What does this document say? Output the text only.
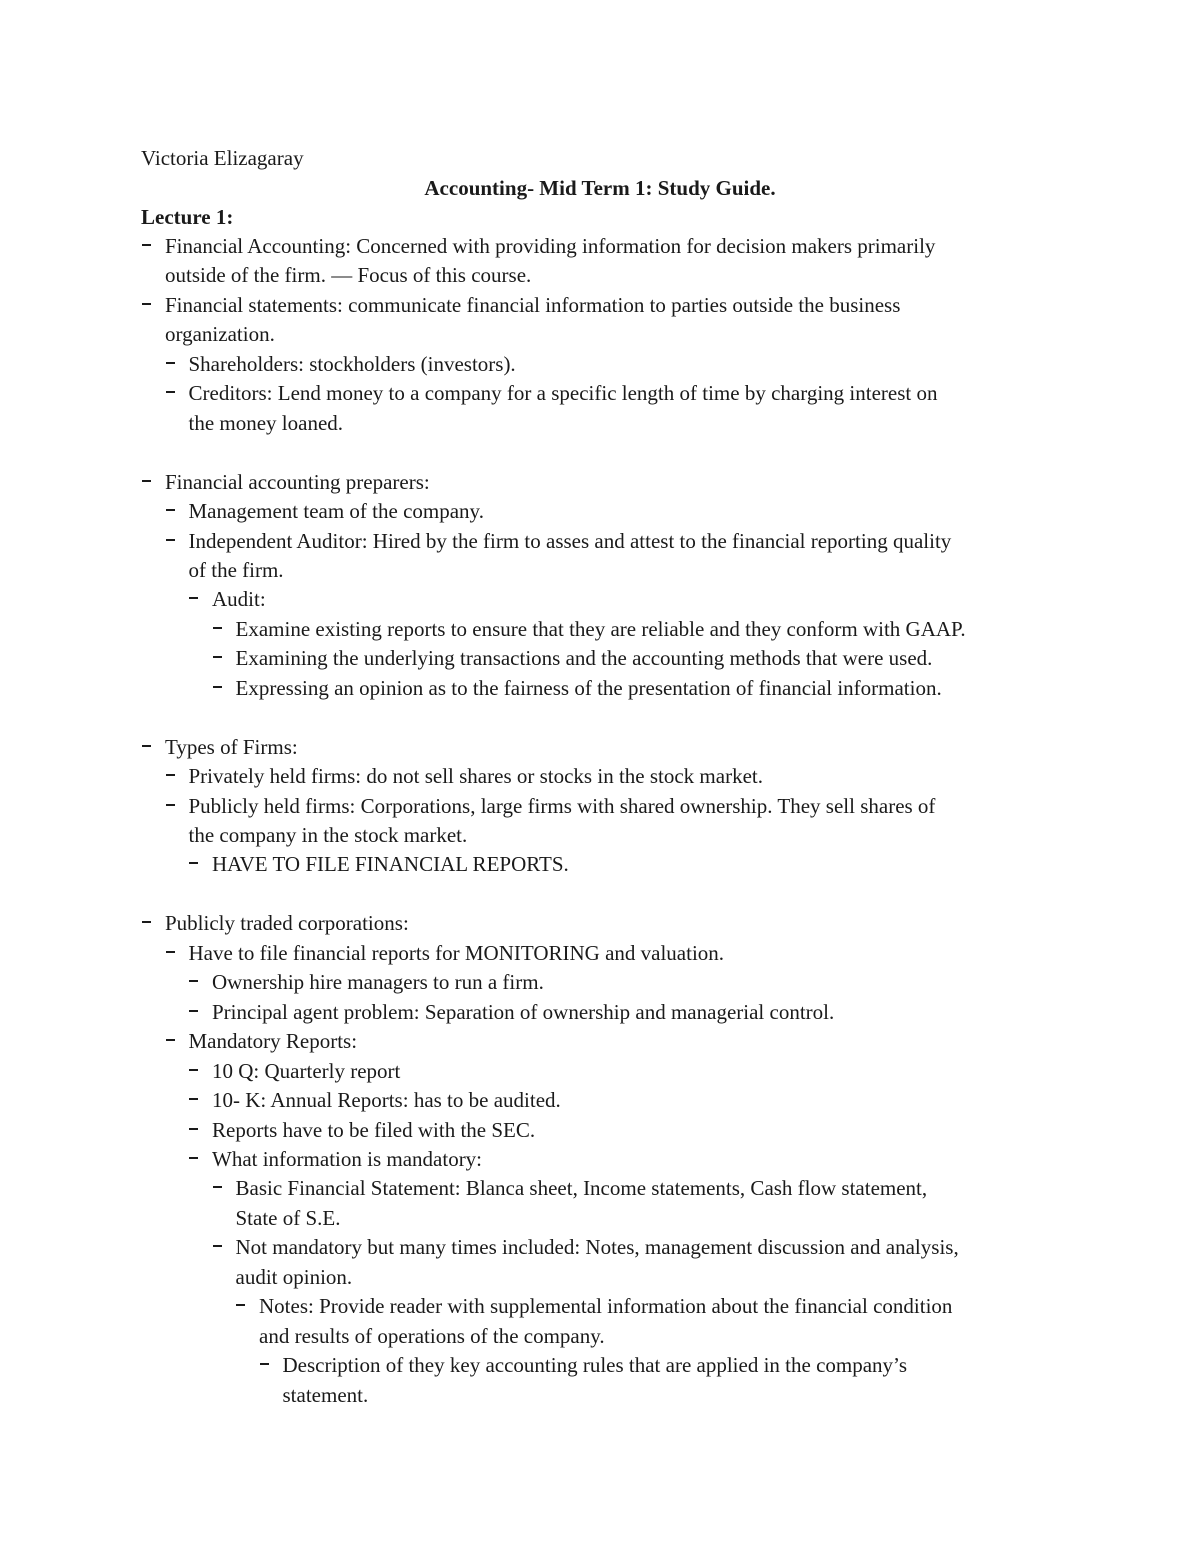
Victoria Elizagaray
Accounting- Mid Term 1: Study Guide.
Lecture 1:
Financial Accounting: Concerned with providing information for decision makers primarily
outside of the firm. — Focus of this course.
Financial statements: communicate financial information to parties outside the business
organization.
Shareholders: stockholders (investors).
Creditors: Lend money to a company for a specific length of time by charging interest on
the money loaned.
Financial accounting preparers:
Management team of the company.
Independent Auditor: Hired by the firm to asses and attest to the financial reporting quality
of the firm.
Audit:
Examine existing reports to ensure that they are reliable and they conform with GAAP.
Examining the underlying transactions and the accounting methods that were used.
Expressing an opinion as to the fairness of the presentation of financial information.
Types of Firms:
Privately held firms: do not sell shares or stocks in the stock market.
Publicly held firms: Corporations, large firms with shared ownership. They sell shares of
the company in the stock market.
HAVE TO FILE FINANCIAL REPORTS.
Publicly traded corporations:
Have to file financial reports for MONITORING and valuation.
Ownership hire managers to run a firm.
Principal agent problem: Separation of ownership and managerial control.
Mandatory Reports:
10 Q: Quarterly report
10- K: Annual Reports: has to be audited.
Reports have to be filed with the SEC.
What information is mandatory:
Basic Financial Statement: Blanca sheet, Income statements, Cash flow statement,
State of S.E.
Not mandatory but many times included: Notes, management discussion and analysis,
audit opinion.
Notes: Provide reader with supplemental information about the financial condition
and results of operations of the company.
Description of they key accounting rules that are applied in the company’s
statement.
